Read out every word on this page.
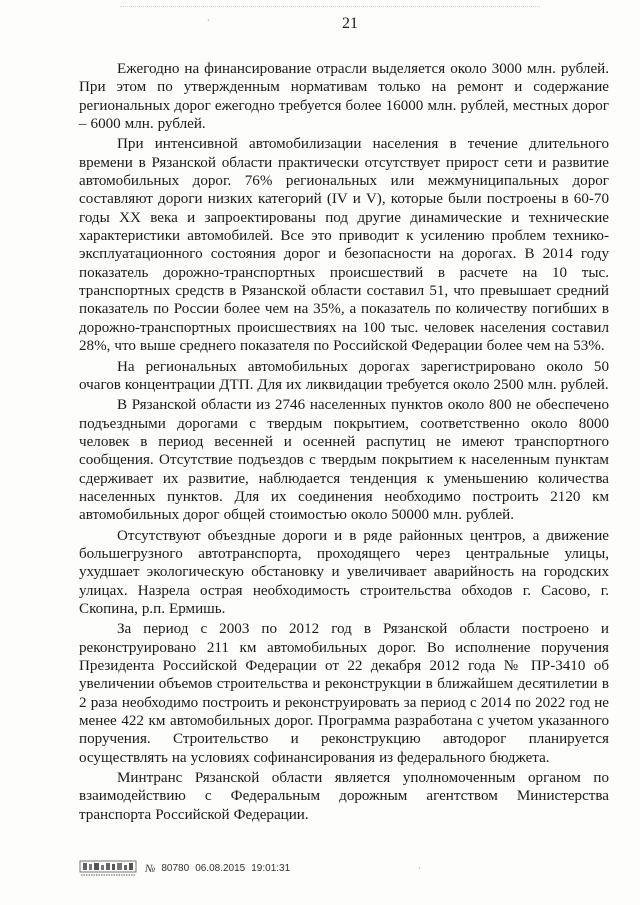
`
`
21

Ежегодно на финансирование отрасли выделяется около 3000 млн. рублей. При этом по утвержденным нормативам только на ремонт и содержание региональных дорог ежегодно требуется более 16000 млн. рублей, местных дорог – 6000 млн. рублей.

При интенсивной автомобилизации населения в течение длительного времени в Рязанской области практически отсутствует прирост сети и развитие автомобильных дорог. 76% региональных или межмуниципальных дорог составляют дороги низких категорий (IV и V), которые были построены в 60-70 годы XX века и запроектированы под другие динамические и технические характеристики автомобилей. Все это приводит к усилению проблем технико-эксплуатационного состояния дорог и безопасности на дорогах. В 2014 году показатель дорожно-транспортных происшествий в расчете на 10 тыс. транспортных средств в Рязанской области составил 51, что превышает средний показатель по России более чем на 35%, а показатель по количеству погибших в дорожно-транспортных происшествиях на 100 тыс. человек населения составил 28%, что выше среднего показателя по Российской Федерации более чем на 53%.

На региональных автомобильных дорогах зарегистрировано около 50 очагов концентрации ДТП. Для их ликвидации требуется около 2500 млн. рублей.

В Рязанской области из 2746 населенных пунктов около 800 не обеспечено подъездными дорогами с твердым покрытием, соответственно около 8000 человек в период весенней и осенней распутиц не имеют транспортного сообщения. Отсутствие подъездов с твердым покрытием к населенным пунктам сдерживает их развитие, наблюдается тенденция к уменьшению количества населенных пунктов. Для их соединения необходимо построить 2120 км автомобильных дорог общей стоимостью около 50000 млн. рублей.

Отсутствуют объездные дороги и в ряде районных центров, а движение большегрузного автотранспорта, проходящего через центральные улицы, ухудшает экологическую обстановку и увеличивает аварийность на городских улицах. Назрела острая необходимость строительства обходов г. Сасово, г. Скопина, р.п. Ермишь.

За период с 2003 по 2012 год в Рязанской области построено и реконструировано 211 км автомобильных дорог. Во исполнение поручения Президента Российской Федерации от 22 декабря 2012 года № ПР-3410 об увеличении объемов строительства и реконструкции в ближайшем десятилетии в 2 раза необходимо построить и реконструировать за период с 2014 по 2022 год не менее 422 км автомобильных дорог. Программа разработана с учетом указанного поручения. Строительство и реконструкцию автодорог планируется осуществлять на условиях софинансирования из федерального бюджета.

Минтранс Рязанской области является уполномоченным органом по взаимодействию с Федеральным дорожным агентством Министерства транспорта Российской Федерации.

№ 80780 06.08.2015 19:01:31
